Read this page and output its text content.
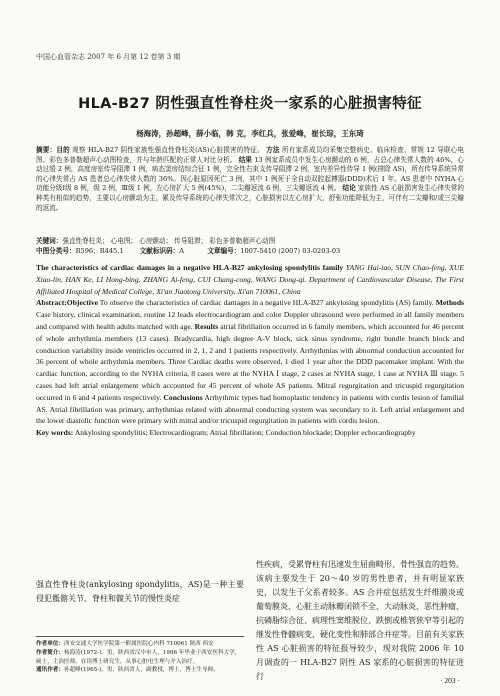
中国心血管杂志 2007 年 6 月第 12 卷第 3 期
HLA-B27 阴性强直性脊柱炎一家系的心脏损害特征
杨海涛，孙超峰，薛小临，韩 克，李红兵，张爱峰，崔长琮，王东琦
摘要：目的 观察 HLA-B27 阴性家族性强直性脊柱炎(AS)心脏损害的特征。 方法 所有家系成员均采集完整病史、临床检查、常规 12 导联心电图、彩色多普勒超声心动图检查，并与年龄匹配的正常人对比分析。 结果 13 例家系成员中发生心房颤动的 6 例，占总心律失常人数的 46%，心动过缓 2 例，高度房室传导阻滞 1 例，病态窦房结综合征 1 例，完全性右束支传导阻滞 2 例，室内差异性传导 1 例(排除 AS)，所有传导系统异常的心律失常占 AS 患者总心律失常人数的 36%。因心脏原因死亡 3 例，其中 1 例死于全自动双腔起搏器(DDD)术后 1 年。AS 患者中 NYHA 心功能分级Ⅰ级 8 例，级 2 例，Ⅲ级 1 例，左心房扩大 5 例(45%)，二尖瓣返流 6 例，三尖瓣返流 4 例。 结论 家族性 AS 心脏损害发生心律失常的种类有相似的趋势，主要以心房颤动为主，累及传导系统的心律失常次之，心脏损害以左心房扩大，舒张功能降低为主，可伴有二尖瓣和/或三尖瓣的返流。
关键词：强直性脊柱炎； 心电图； 心房颤动； 传导阻滞； 彩色多普勒超声心动图
中图分类号：R596；R445.1 文献标识码：A	文章编号：1007-5410 (2007) 03-0203-03
The characteristics of cardiac damages in a negative HLA-B27 ankylosing spondylitis family YANG Hai-tao, SUN Chao-feng, XUE Xiao-lin, HAN Ke, LI Hong-bing, ZHANG Ai-feng, CUI Chang-cong, WANG Dong-qi. Department of Cardiovascular Disease, The First Affiliated Hospital of Medical College, Xi'an Jiaotong University, Xi'an 710061, China
Abstract:Objective To observe the characteristics of cardiac damages in a negative HLA-B27 ankylosing spondylitis (AS) family. Methods Case history, clinical examination, routine 12 leads electrocardiogram and color Doppler ultrasound were performed in all family members and compared with health adults matched with age. Results atrial fibrillation occurred in 6 family members, which accounted for 46 percent of whole arrhythmia members (13 cases). Bradycardia, high degree A-V block, sick sinus syndrome, right bundle branch block and conduction variability inside ventricles occurred in 2, 1, 2 and 1 patients respectively. Arrhythmias with abnormal conduction accounted for 36 percent of whole arrhythmia members. Three Cardiac deaths were observed, 1 died 1 year after the DDD pacemaker implant. With the cardiac function, according to the NYHA criteria, 8 cases were at the NYHA Ⅰ stage, 2 cases at NYHA stage, 1 case at NYHA Ⅲ stage. 5 cases had left atrial enlargement which accounted for 45 percent of whole AS patients. Mitral regurgitation and tricuspid regurgitation occurred in 6 and 4 patients respectively. Conclusions Arrhythmic types had homoplastic tendency in patients with cordis lesion of familial AS. Atrial fibrillation was primary, arrhythmias related with abnormal conducting system was secondary to it. Left atrial enlargement and the lower diastolic function were primary with mitral and/or tricuspid regurgitation in patients with cordis lesion.
Key words: Ankylosing spondylitis; Electrocardiogram; Atrial fibrillation; Conduction blockade; Doppler echocardiography
强直性脊柱炎(ankylosing spondylitis，AS)是一种主要侵犯骶髂关节、脊柱和髋关节的慢性炎症
作者单位：西安交通大学医学院第一附属医院心内科 710061 陕西 西安
作者简介：杨海涛(1972-)，男，陕西省汉中市人，1996 年毕业于西安医科大学，硕士，主治医师。在读博士研究生，从事心脏电生理与介入治疗。
通讯作者：孙超峰(1965-)，男，陕西省人，副教授，博士，博士生导师。
性疾病，受累脊柱有迅速发生屈曲畸形、骨性强直的趋势。该病主要发生于 20～40 岁的男性患者，并有明显家族史，以发生于父系者较多。AS 合并症包括发生纤维膜炎或葡萄膜炎、心脏主动脉瓣闭锁不全、大动脉炎、恶性肿瘤、抗磷脂综合征、病理性窦维脱位、跌倒或椎管狭窄等引起的继发性脊髓病变，硬化变性和肺部合并症等。目前有关家族性 AS 心脏损害的特征报导较少，现对我院 2006 年 10 月调查的一 HLA-B27 阴性 AS 家系的心脏损害的特征进行	· 203 ·
